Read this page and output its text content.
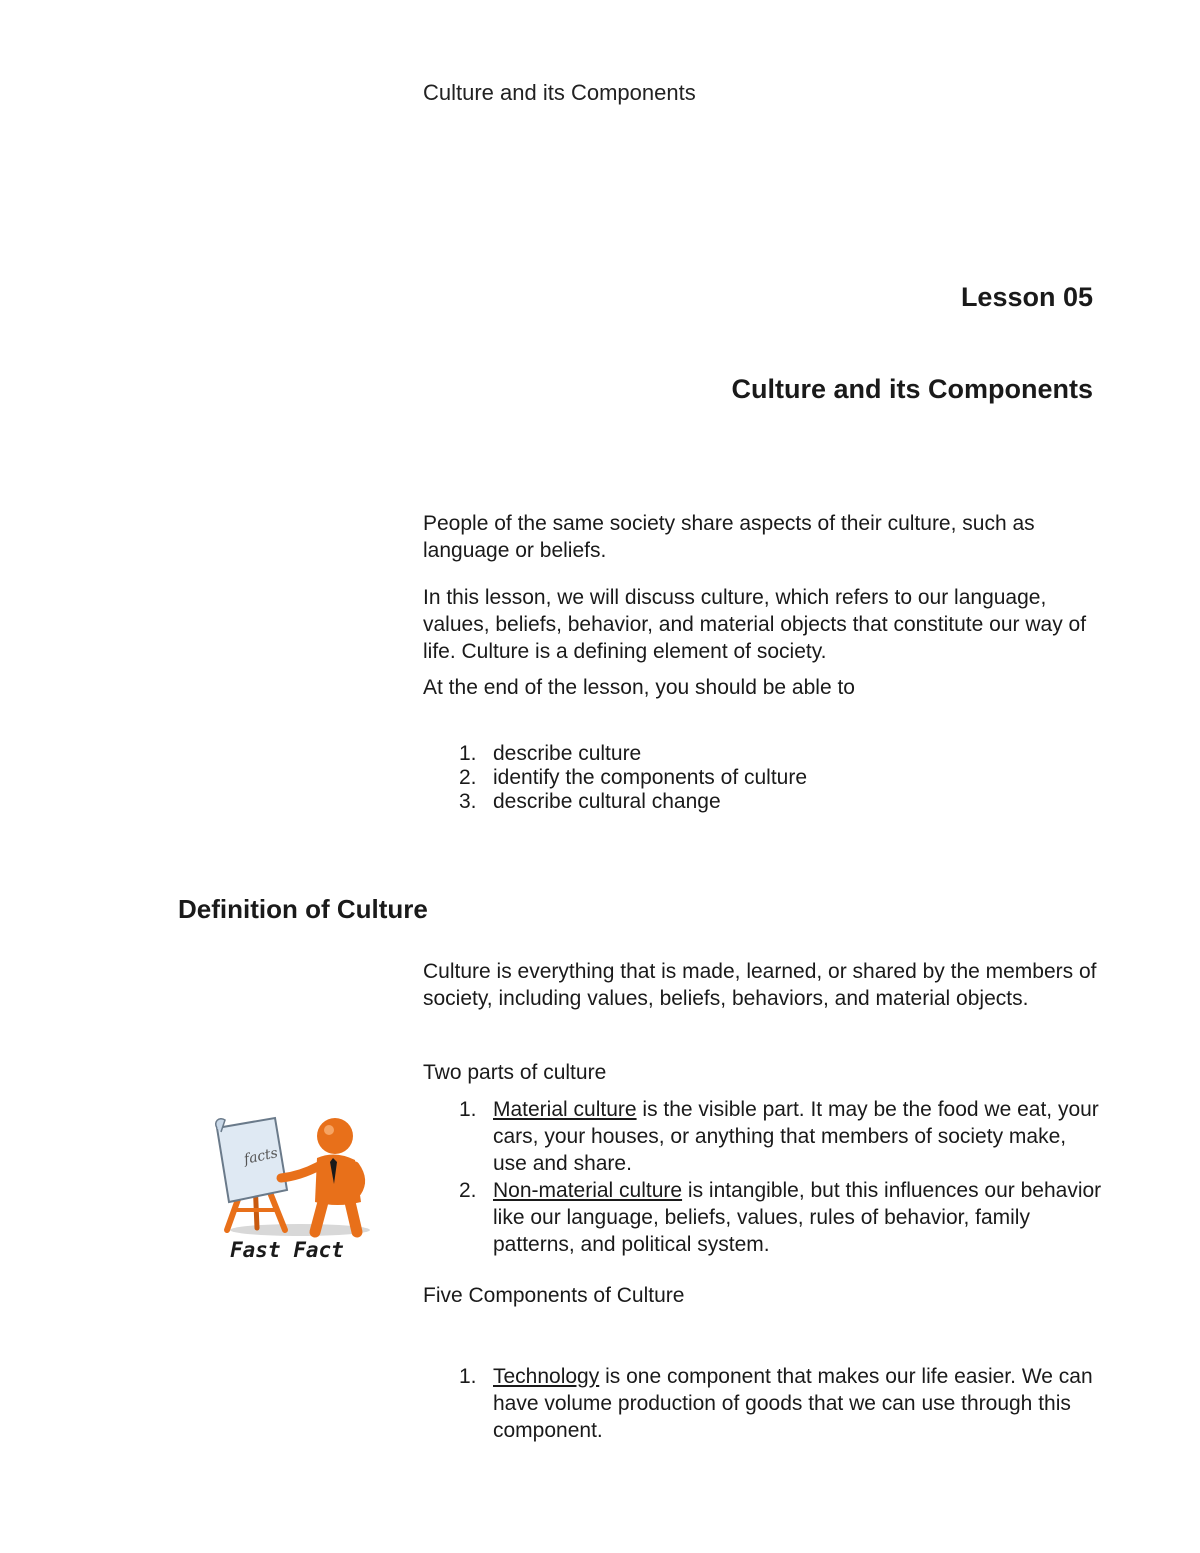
Culture and its Components
Lesson 05
Culture and its Components

People of the same society share aspects of their culture, such as language or beliefs.

In this lesson, we will discuss culture, which refers to our language, values, beliefs, behavior, and material objects that constitute our way of life. Culture is a defining element of society.

At the end of the lesson, you should be able to

1. describe culture
2. identify the components of culture
3. describe cultural change
Definition of Culture

Culture is everything that is made, learned, or shared by the members of society, including values, beliefs, behaviors, and material objects.

Two parts of culture

1. Material culture is the visible part. It may be the food we eat, your cars, your houses, or anything that members of society make, use and share.
2. Non-material culture is intangible, but this influences our behavior like our language, beliefs, values, rules of behavior, family patterns, and political system.

Five Components of Culture

1. Technology is one component that makes our life easier. We can have volume production of goods that we can use through this component.
facts
Fast Fact
